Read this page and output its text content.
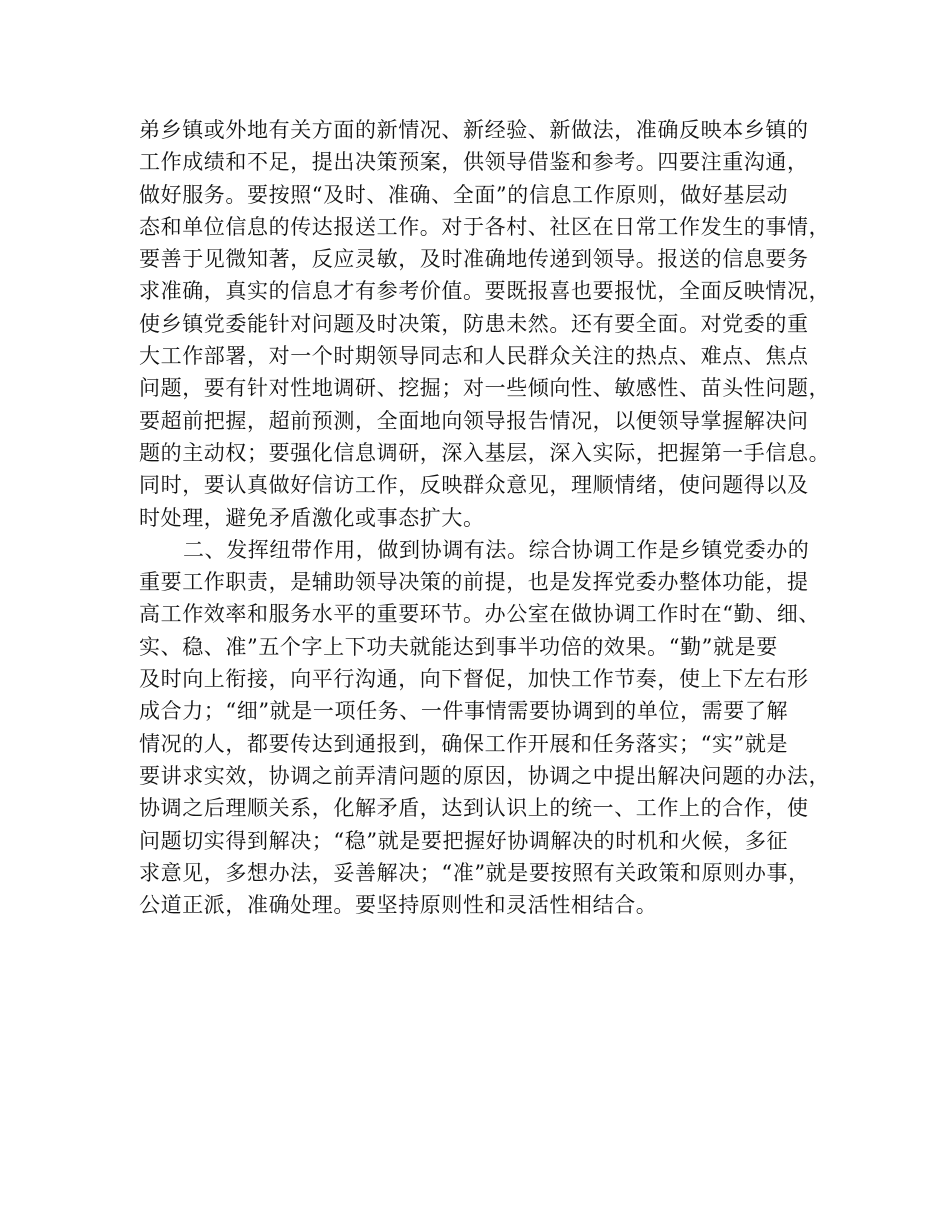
弟乡镇或外地有关方面的新情况、新经验、新做法，准确反映本乡镇的
工作成绩和不足，提出决策预案，供领导借鉴和参考。四要注重沟通，
做好服务。要按照“及时、准确、全面”的信息工作原则，做好基层动
态和单位信息的传达报送工作。对于各村、社区在日常工作发生的事情，
要善于见微知著，反应灵敏，及时准确地传递到领导。报送的信息要务
求准确，真实的信息才有参考价值。要既报喜也要报忧，全面反映情况，
使乡镇党委能针对问题及时决策，防患未然。还有要全面。对党委的重
大工作部署，对一个时期领导同志和人民群众关注的热点、难点、焦点
问题，要有针对性地调研、挖掘；对一些倾向性、敏感性、苗头性问题，
要超前把握，超前预测，全面地向领导报告情况，以便领导掌握解决问
题的主动权；要强化信息调研，深入基层，深入实际，把握第一手信息。
同时，要认真做好信访工作，反映群众意见，理顺情绪，使问题得以及
时处理，避免矛盾激化或事态扩大。
二、发挥纽带作用，做到协调有法。综合协调工作是乡镇党委办的
重要工作职责，是辅助领导决策的前提，也是发挥党委办整体功能，提
高工作效率和服务水平的重要环节。办公室在做协调工作时在“勤、细、
实、稳、准”五个字上下功夫就能达到事半功倍的效果。“勤”就是要
及时向上衔接，向平行沟通，向下督促，加快工作节奏，使上下左右形
成合力；“细”就是一项任务、一件事情需要协调到的单位，需要了解
情况的人，都要传达到通报到，确保工作开展和任务落实；“实”就是
要讲求实效，协调之前弄清问题的原因，协调之中提出解决问题的办法，
协调之后理顺关系，化解矛盾，达到认识上的统一、工作上的合作，使
问题切实得到解决；“稳”就是要把握好协调解决的时机和火候，多征
求意见，多想办法，妥善解决；“准”就是要按照有关政策和原则办事，
公道正派，准确处理。要坚持原则性和灵活性相结合。
